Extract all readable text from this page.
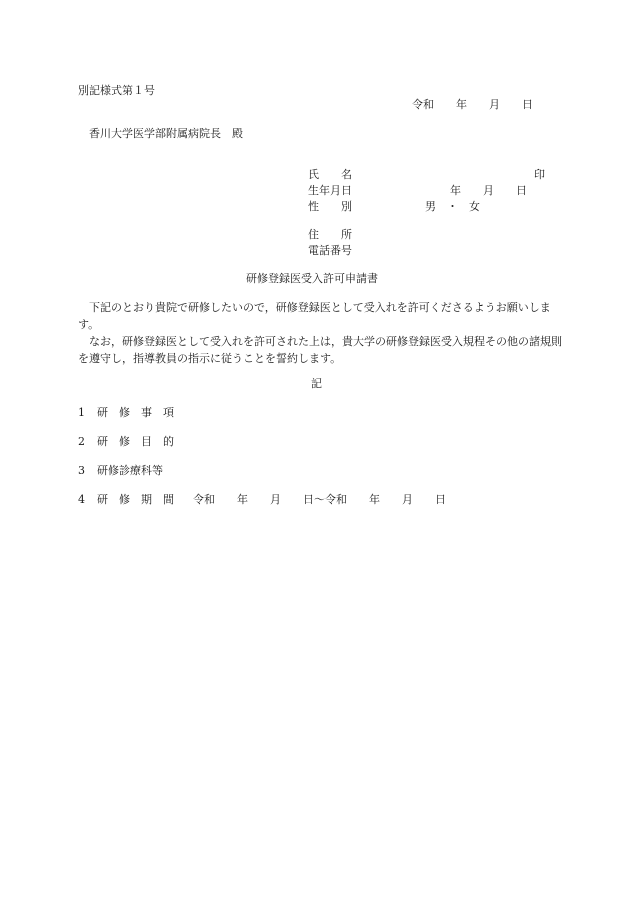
別記様式第１号
令和　　年　　月　　日
香川大学医学部附属病院長　殿
氏　　名	印
生年月日	年　　月　　日
性　　別	男　・　女
住　　所
電話番号
研修登録医受入許可申請書
下記のとおり貴院で研修したいので，研修登録医として受入れを許可くださるようお願いします。
なお，研修登録医として受入れを許可された上は，貴大学の研修登録医受入規程その他の諸規則を遵守し，指導教員の指示に従うことを誓約します。
記
1 研　修　事　項
2 研　修　目　的
3 研修診療科等
4 研　修　期　間 令和　　年　　月　　日～令和　　年　　月　　日
